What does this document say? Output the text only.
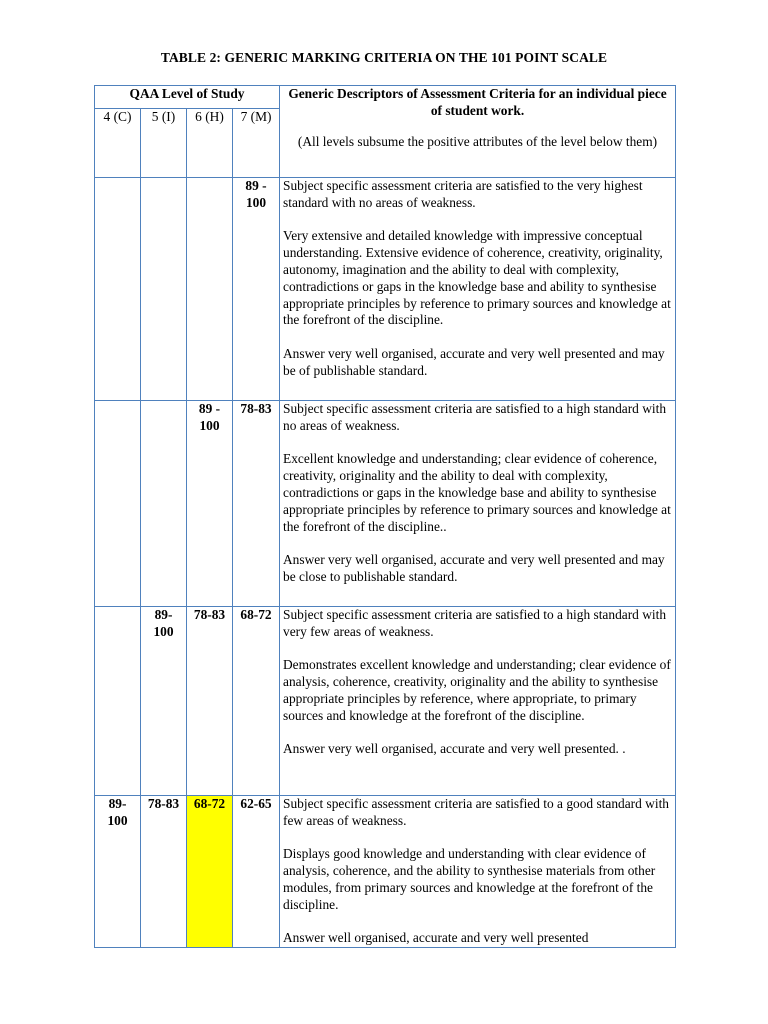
TABLE 2: GENERIC MARKING CRITERIA ON THE 101 POINT SCALE
QAA Level of Study				Generic Descriptors of Assessment Criteria for an individual piece of student work.
(All levels subsume the positive attributes of the level below them)

4 (C)	5 (I)	6 (H)	7 (M)	
			89 - 100	Subject specific assessment criteria are satisfied to the very highest standard with no areas of weakness.

Very extensive and detailed knowledge with impressive conceptual understanding. Extensive evidence of coherence, creativity, originality, autonomy, imagination and the ability to deal with complexity, contradictions or gaps in the knowledge base and ability to synthesise appropriate principles by reference to primary sources and knowledge at the forefront of the discipline.

Answer very well organised, accurate and very well presented and may be of publishable standard.

		89 - 100	78-83	Subject specific assessment criteria are satisfied to a high standard with no areas of weakness.

Excellent knowledge and understanding; clear evidence of coherence, creativity, originality and the ability to deal with complexity, contradictions or gaps in the knowledge base and ability to synthesise appropriate principles by reference to primary sources and knowledge at the forefront of the discipline..

Answer very well organised, accurate and very well presented and may be close to publishable standard.

	89- 100	78-83	68-72	Subject specific assessment criteria are satisfied to a high standard with very few areas of weakness.

Demonstrates excellent knowledge and understanding; clear evidence of analysis, coherence, creativity, originality and the ability to synthesise appropriate principles by reference, where appropriate, to primary sources and knowledge at the forefront of the discipline.

Answer very well organised, accurate and very well presented. .

89- 100	78-83	68-72	62-65	Subject specific assessment criteria are satisfied to a good standard with few areas of weakness.

Displays good knowledge and understanding with clear evidence of analysis, coherence, and the ability to synthesise materials from other modules, from primary sources and knowledge at the forefront of the discipline.

Answer well organised, accurate and very well presented
